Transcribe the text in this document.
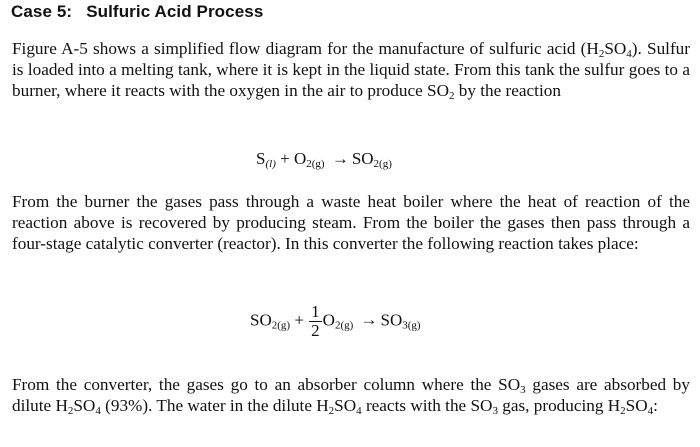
Case 5: Sulfuric Acid Process
Figure A-5 shows a simplified flow diagram for the manufacture of sulfuric acid $(H_2SO_4)$. Sulfur is loaded into a melting tank, where it is kept in the liquid state. From this tank the sulfur goes to a burner, where it reacts with the oxygen in the air to produce $SO_2$ by the reaction
$S_{(l)} + O_{2(g)} \to SO_{2(g)}$
From the burner the gases pass through a waste heat boiler where the heat of reaction of the reaction above is recovered by producing steam. From the boiler the gases then pass through a four-stage catalytic converter (reactor). In this converter the following reaction takes place:
$SO_{2(g)} + \frac{1}{2} O_{2(g)} \to SO_{3(g)}$
From the converter, the gases go to an absorber column where the $SO_3$ gases are absorbed by dilute $H_2SO_4$ (93%). The water in the dilute $H_2SO_4$ reacts with the $SO_3$ gas, producing $H_2SO_4$:
